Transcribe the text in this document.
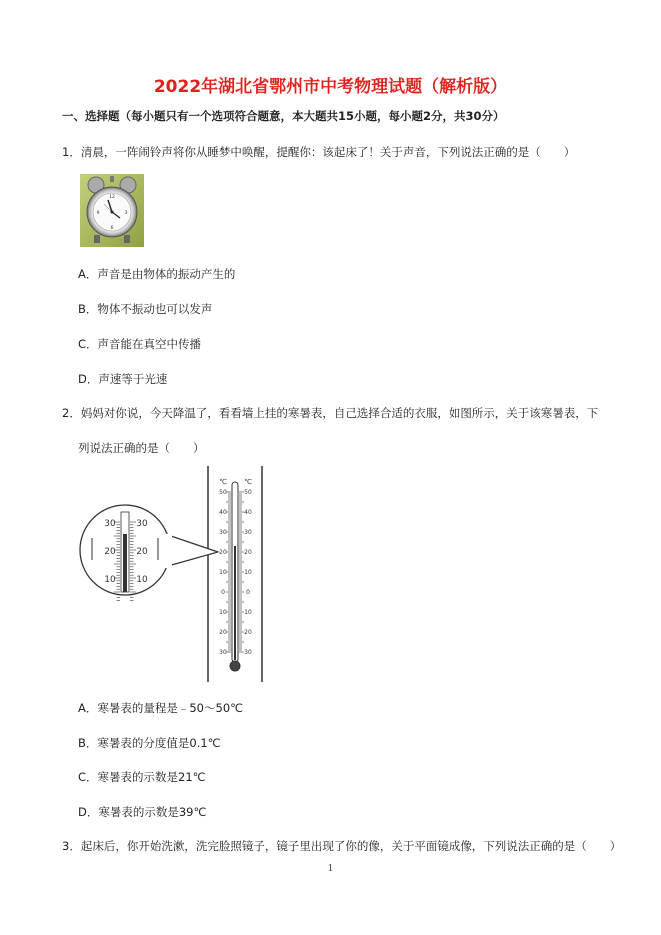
2022年湖北省鄂州市中考物理试题（解析版）
一、选择题（每小题只有一个选项符合题意，本大题共15小题，每小题2分，共30分）
1．清晨，一阵闹铃声将你从睡梦中唤醒，提醒你：该起床了！关于声音，下列说法正确的是（　　）
12
3
6
9
A．声音是由物体的振动产生的
B．物体不振动也可以发声
C．声音能在真空中传播
D．声速等于光速
2．妈妈对你说，今天降温了，看看墙上挂的寒暑表，自己选择合适的衣服，如图所示，关于该寒暑表，下
列说法正确的是（　　）
℃ ℃
50
40
30
20
10
0
10
20
30
50
40
30
20
10
0
10
20
30
30
20
10
30
20
10
A．寒暑表的量程是﹣50～50℃
B．寒暑表的分度值是0.1℃
C．寒暑表的示数是21℃
D．寒暑表的示数是39℃
3．起床后，你开始洗漱，洗完脸照镜子，镜子里出现了你的像，关于平面镜成像，下列说法正确的是（　　）
1
